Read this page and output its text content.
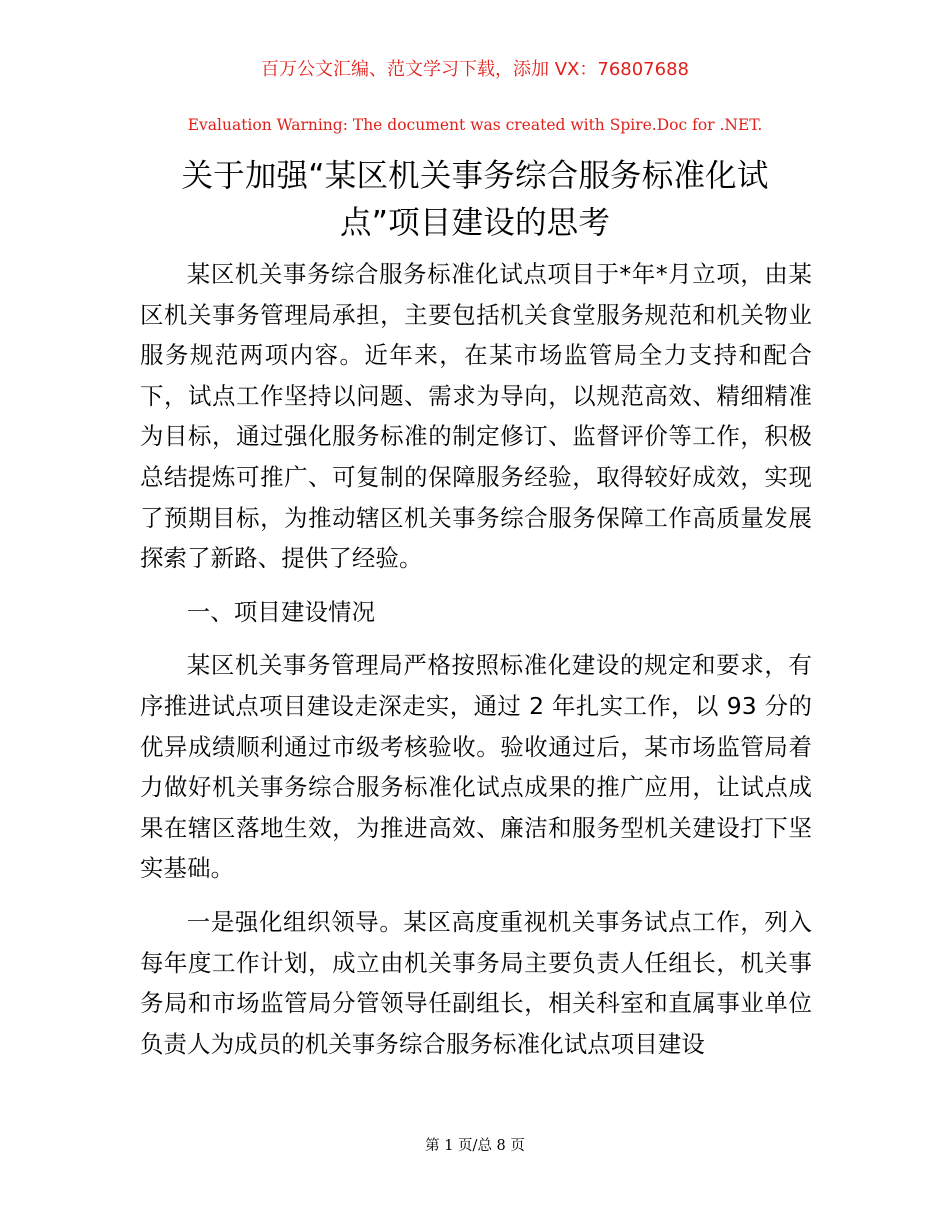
百万公文汇编、范文学习下载，添加 VX：76807688
Evaluation Warning: The document was created with Spire.Doc for .NET.
关于加强“某区机关事务综合服务标准化试
点”项目建设的思考

某区机关事务综合服务标准化试点项目于*年*月立项，由某区机关事务管理局承担，主要包括机关食堂服务规范和机关物业服务规范两项内容。近年来，在某市场监管局全力支持和配合下，试点工作坚持以问题、需求为导向，以规范高效、精细精准为目标，通过强化服务标准的制定修订、监督评价等工作，积极总结提炼可推广、可复制的保障服务经验，取得较好成效，实现了预期目标，为推动辖区机关事务综合服务保障工作高质量发展探索了新路、提供了经验。

一、项目建设情况

某区机关事务管理局严格按照标准化建设的规定和要求，有序推进试点项目建设走深走实，通过 2 年扎实工作，以 93 分的优异成绩顺利通过市级考核验收。验收通过后，某市场监管局着力做好机关事务综合服务标准化试点成果的推广应用，让试点成果在辖区落地生效，为推进高效、廉洁和服务型机关建设打下坚实基础。

一是强化组织领导。某区高度重视机关事务试点工作，列入每年度工作计划，成立由机关事务局主要负责人任组长，机关事务局和市场监管局分管领导任副组长，相关科室和直属事业单位负责人为成员的机关事务综合服务标准化试点项目建设

第 1 页/总 8 页
